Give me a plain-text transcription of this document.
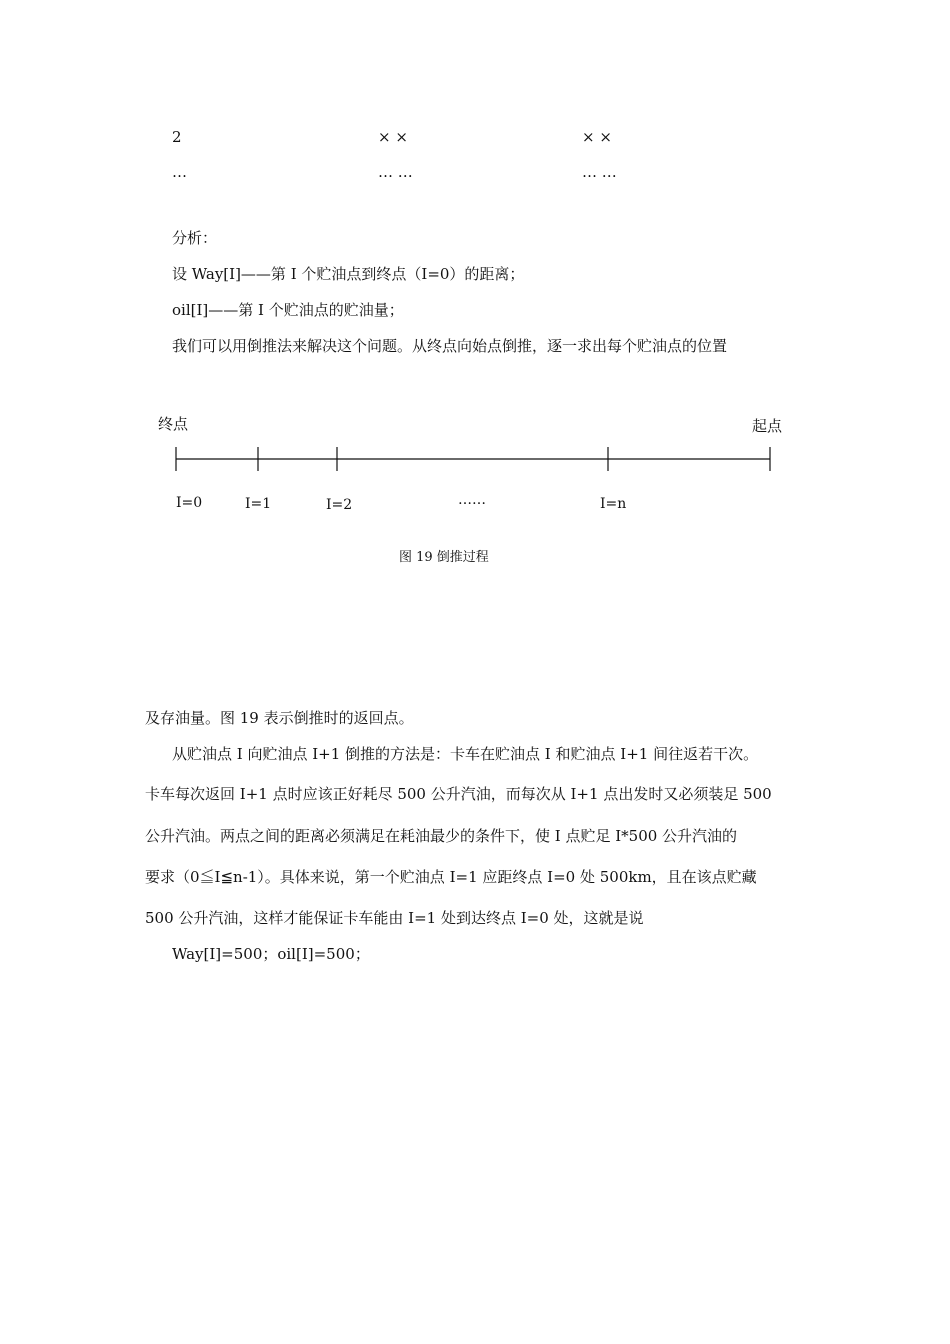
2	× ×	× ×
…	… …	… …
分析：
设 Way[I]——第 I 个贮油点到终点（I=0）的距离；
oil[I]——第 I 个贮油点的贮油量；
我们可以用倒推法来解决这个问题。从终点向始点倒推，逐一求出每个贮油点的位置
终点	起点
I=0	I=1	I=2	……	I=n
图 19 倒推过程
及存油量。图 19 表示倒推时的返回点。
从贮油点 I 向贮油点 I+1 倒推的方法是：卡车在贮油点 I 和贮油点 I+1 间往返若干次。
卡车每次返回 I+1 点时应该正好耗尽 500 公升汽油，而每次从 I+1 点出发时又必须装足 500
公升汽油。两点之间的距离必须满足在耗油最少的条件下，使 I 点贮足 I*500 公升汽油的
要求（0≦I≦n-1）。具体来说，第一个贮油点 I=1 应距终点 I=0 处 500km，且在该点贮藏
500 公升汽油，这样才能保证卡车能由 I=1 处到达终点 I=0 处，这就是说
Way[I]=500；oil[I]=500；
